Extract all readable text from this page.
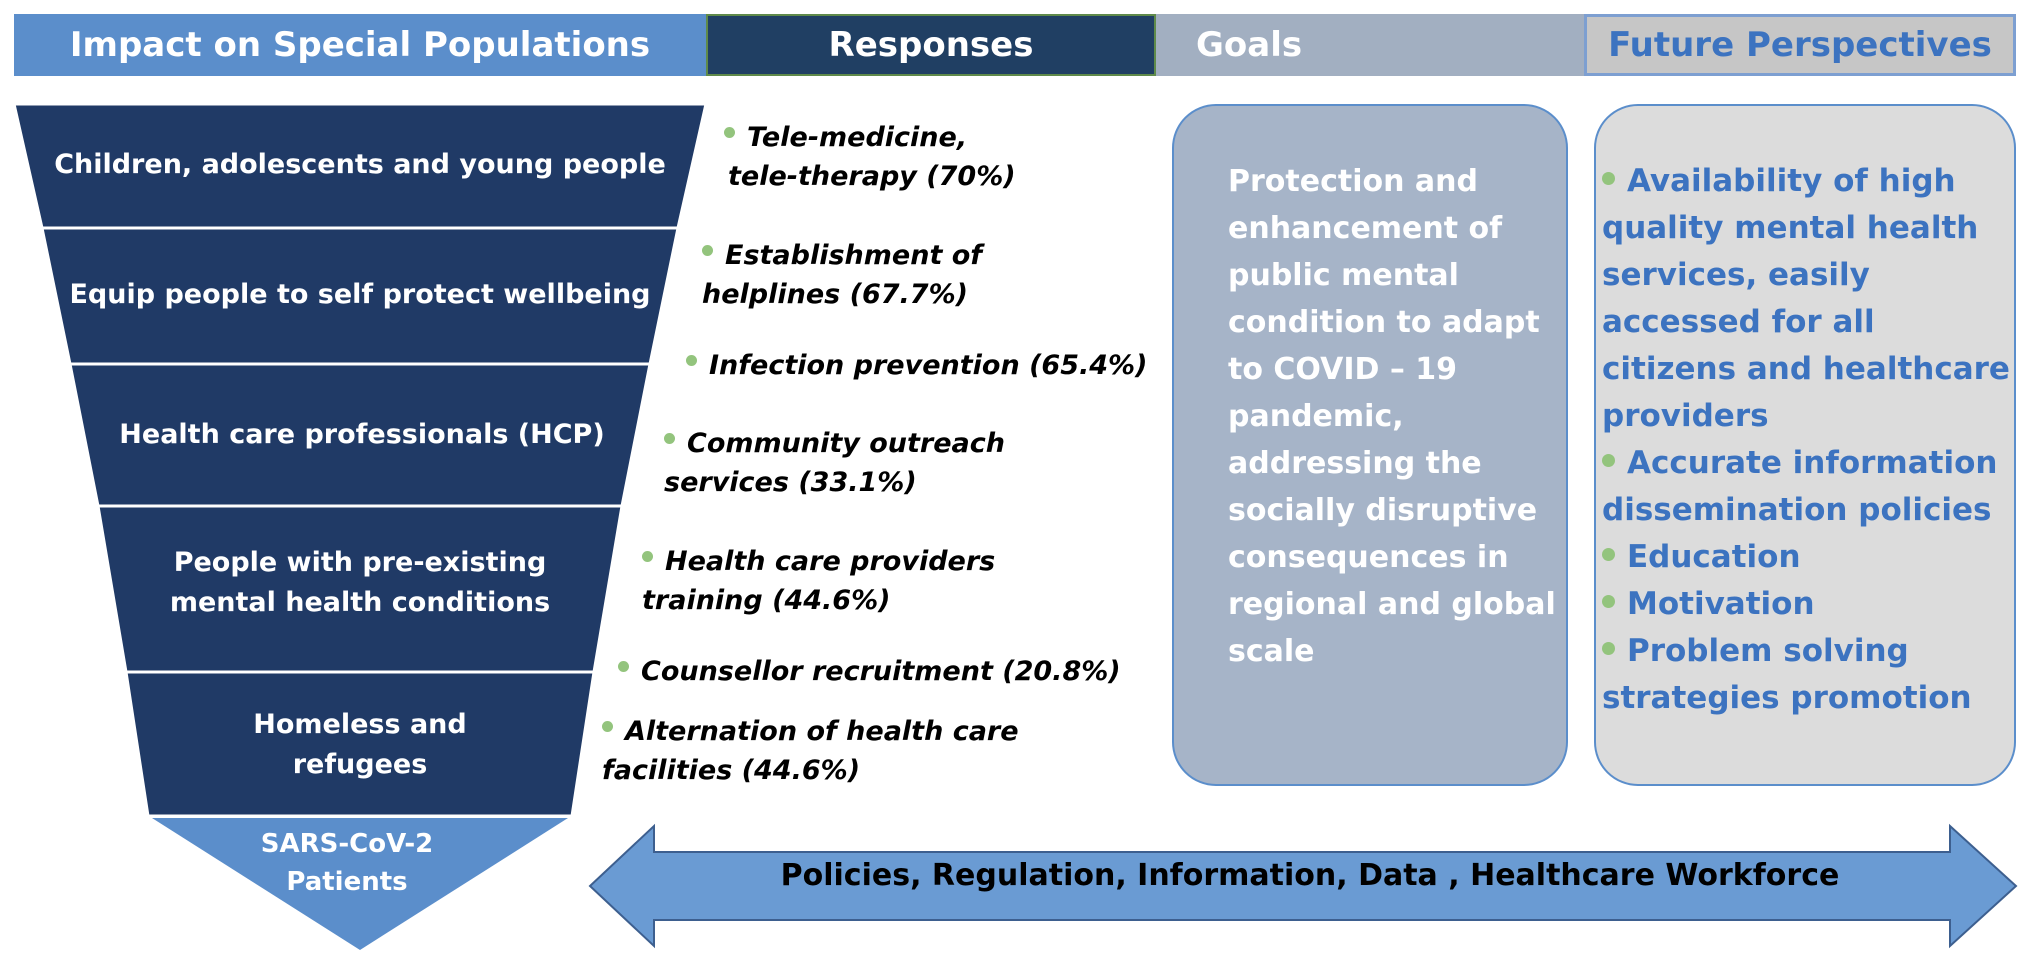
Impact on Special Populations	Responses	Goals	Future Perspectives
Children, adolescents and young people
Equip people to self protect wellbeing
Health care professionals (HCP)
People with pre-existing mental health conditions
Homeless and refugees
SARS-CoV-2 Patients
Tele-medicine,
tele-therapy (70%)
Establishment of
helplines (67.7%)
Infection prevention (65.4%)
Community outreach
services (33.1%)
Health care providers
training (44.6%)
Counsellor recruitment (20.8%)
Alternation of health care
facilities (44.6%)
Protection and enhancement of public mental condition to adapt to COVID – 19 pandemic, addressing the socially disruptive consequences in regional and global scale

Availability of high quality mental health services, easily accessed for all citizens and healthcare providers

Accurate information dissemination policies

Education

Motivation

Problem solving strategies promotion

Policies, Regulation, Information, Data , Healthcare Workforce
